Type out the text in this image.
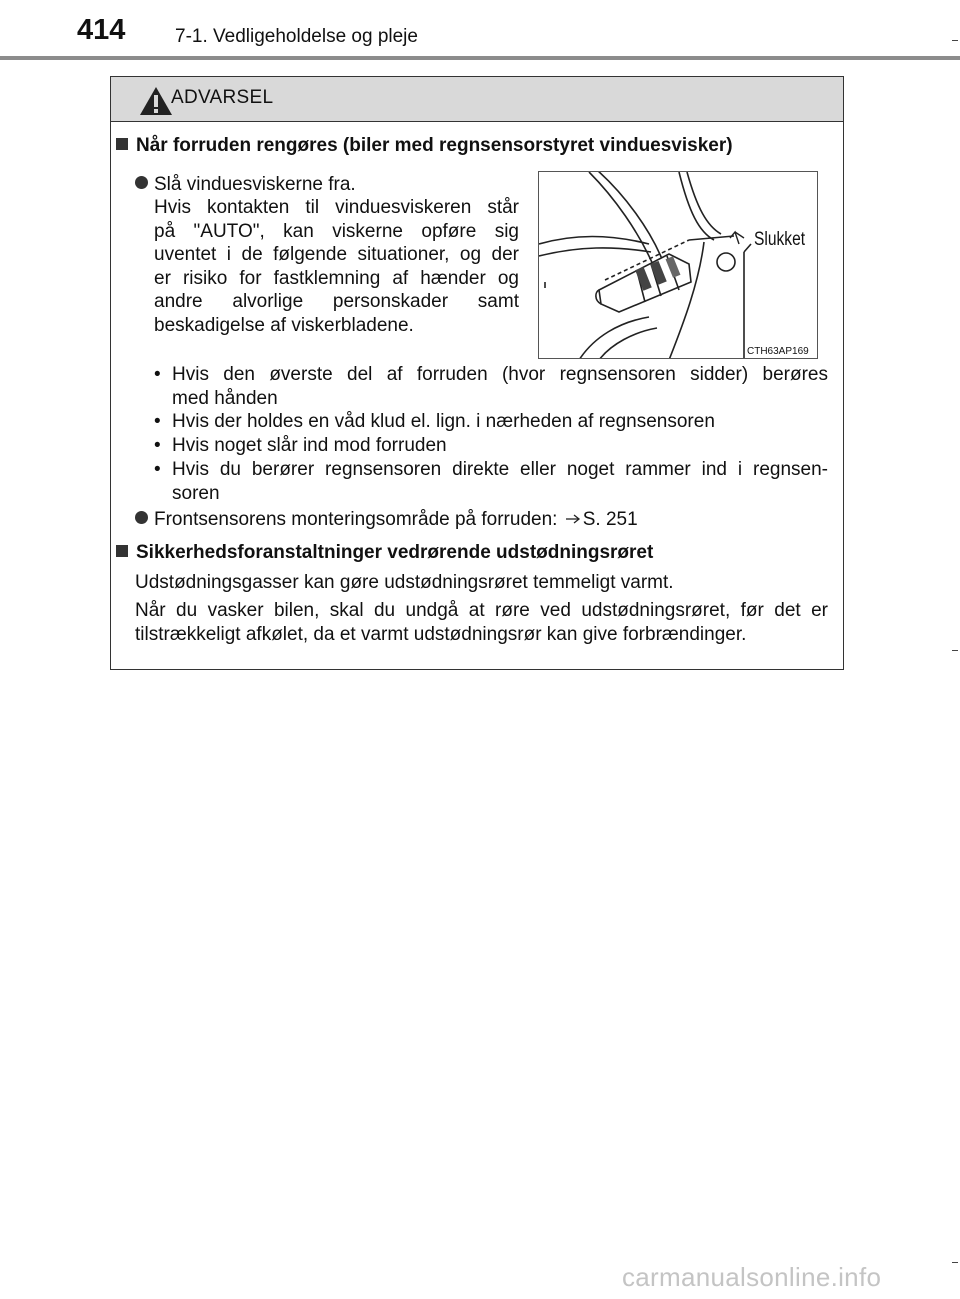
414	7-1. Vedligeholdelse og pleje
ADVARSEL
Når forruden rengøres (biler med regnsensorstyret vinduesvisker)
Slå vinduesviskerne fra.
Hvis kontakten til vinduesviskeren står
på "AUTO", kan viskerne opføre sig
uventet i de følgende situationer, og der
er risiko for fastklemning af hænder og
andre alvorlige personskader samt
beskadigelse af viskerbladene.
Slukket
CTH63AP169
• Hvis den øverste del af forruden (hvor regnsensoren sidder) berøres
med hånden
• Hvis der holdes en våd klud el. lign. i nærheden af regnsensoren
• Hvis noget slår ind mod forruden
• Hvis du berører regnsensoren direkte eller noget rammer ind i regnsen-
soren
Frontsensorens monteringsområde på forruden: S. 251
Sikkerhedsforanstaltninger vedrørende udstødningsrøret
Udstødningsgasser kan gøre udstødningsrøret temmeligt varmt.
Når du vasker bilen, skal du undgå at røre ved udstødningsrøret, før det er
tilstrækkeligt afkølet, da et varmt udstødningsrør kan give forbrændinger.
carmanualsonline.info
